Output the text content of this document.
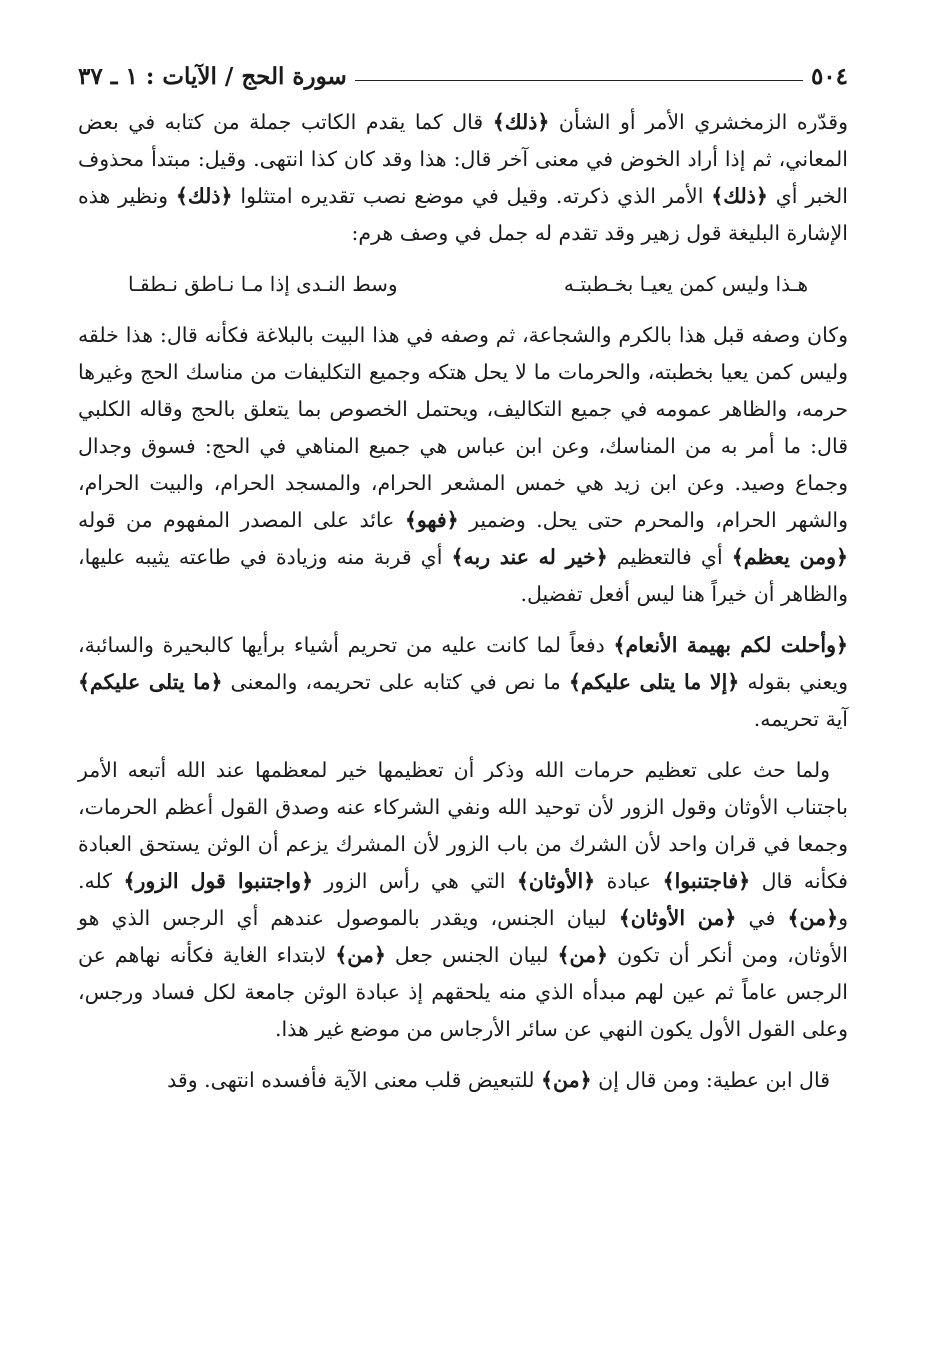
٥٠٤
سورة الحج / الآيات : ١ ـ ٣٧

وقدّره الزمخشري الأمر أو الشأن ﴿ذلك﴾ قال كما يقدم الكاتب جملة من كتابه في بعض المعاني، ثم إذا أراد الخوض في معنى آخر قال: هذا وقد كان كذا انتهى. وقيل: مبتدأ محذوف الخبر أي ﴿ذلك﴾ الأمر الذي ذكرته. وقيل في موضع نصب تقديره امتثلوا ﴿ذلك﴾ ونظير هذه الإشارة البليغة قول زهير وقد تقدم له جمل في وصف هرم:

هـذا وليس كمن يعيـا بخـطبتـه
وسط النـدى إذا مـا نـاطق نـطقـا

وكان وصفه قبل هذا بالكرم والشجاعة، ثم وصفه في هذا البيت بالبلاغة فكأنه قال: هذا خلقه وليس كمن يعيا بخطبته، والحرمات ما لا يحل هتكه وجميع التكليفات من مناسك الحج وغيرها حرمه، والظاهر عمومه في جميع التكاليف، ويحتمل الخصوص بما يتعلق بالحج وقاله الكلبي قال: ما أمر به من المناسك، وعن ابن عباس هي جميع المناهي في الحج: فسوق وجدال وجماع وصيد. وعن ابن زيد هي خمس المشعر الحرام، والمسجد الحرام، والبيت الحرام، والشهر الحرام، والمحرم حتى يحل. وضمير ﴿فهو﴾ عائد على المصدر المفهوم من قوله ﴿ومن يعظم﴾ أي فالتعظيم ﴿خير له عند ربه﴾ أي قربة منه وزيادة في طاعته يثيبه عليها، والظاهر أن خيراً هنا ليس أفعل تفضيل.

﴿وأحلت لكم بهيمة الأنعام﴾ دفعاً لما كانت عليه من تحريم أشياء برأيها كالبحيرة والسائبة، ويعني بقوله ﴿إلا ما يتلى عليكم﴾ ما نص في كتابه على تحريمه، والمعنى ﴿ما يتلى عليكم﴾ آية تحريمه.

ولما حث على تعظيم حرمات الله وذكر أن تعظيمها خير لمعظمها عند الله أتبعه الأمر باجتناب الأوثان وقول الزور لأن توحيد الله ونفي الشركاء عنه وصدق القول أعظم الحرمات، وجمعا في قران واحد لأن الشرك من باب الزور لأن المشرك يزعم أن الوثن يستحق العبادة فكأنه قال ﴿فاجتنبوا﴾ عبادة ﴿الأوثان﴾ التي هي رأس الزور ﴿واجتنبوا قول الزور﴾ كله. و﴿من﴾ في ﴿من الأوثان﴾ لبيان الجنس، ويقدر بالموصول عندهم أي الرجس الذي هو الأوثان، ومن أنكر أن تكون ﴿من﴾ لبيان الجنس جعل ﴿من﴾ لابتداء الغاية فكأنه نهاهم عن الرجس عاماً ثم عين لهم مبدأه الذي منه يلحقهم إذ عبادة الوثن جامعة لكل فساد ورجس، وعلى القول الأول يكون النهي عن سائر الأرجاس من موضع غير هذا.

قال ابن عطية: ومن قال إن ﴿من﴾ للتبعيض قلب معنى الآية فأفسده انتهى. وقد
